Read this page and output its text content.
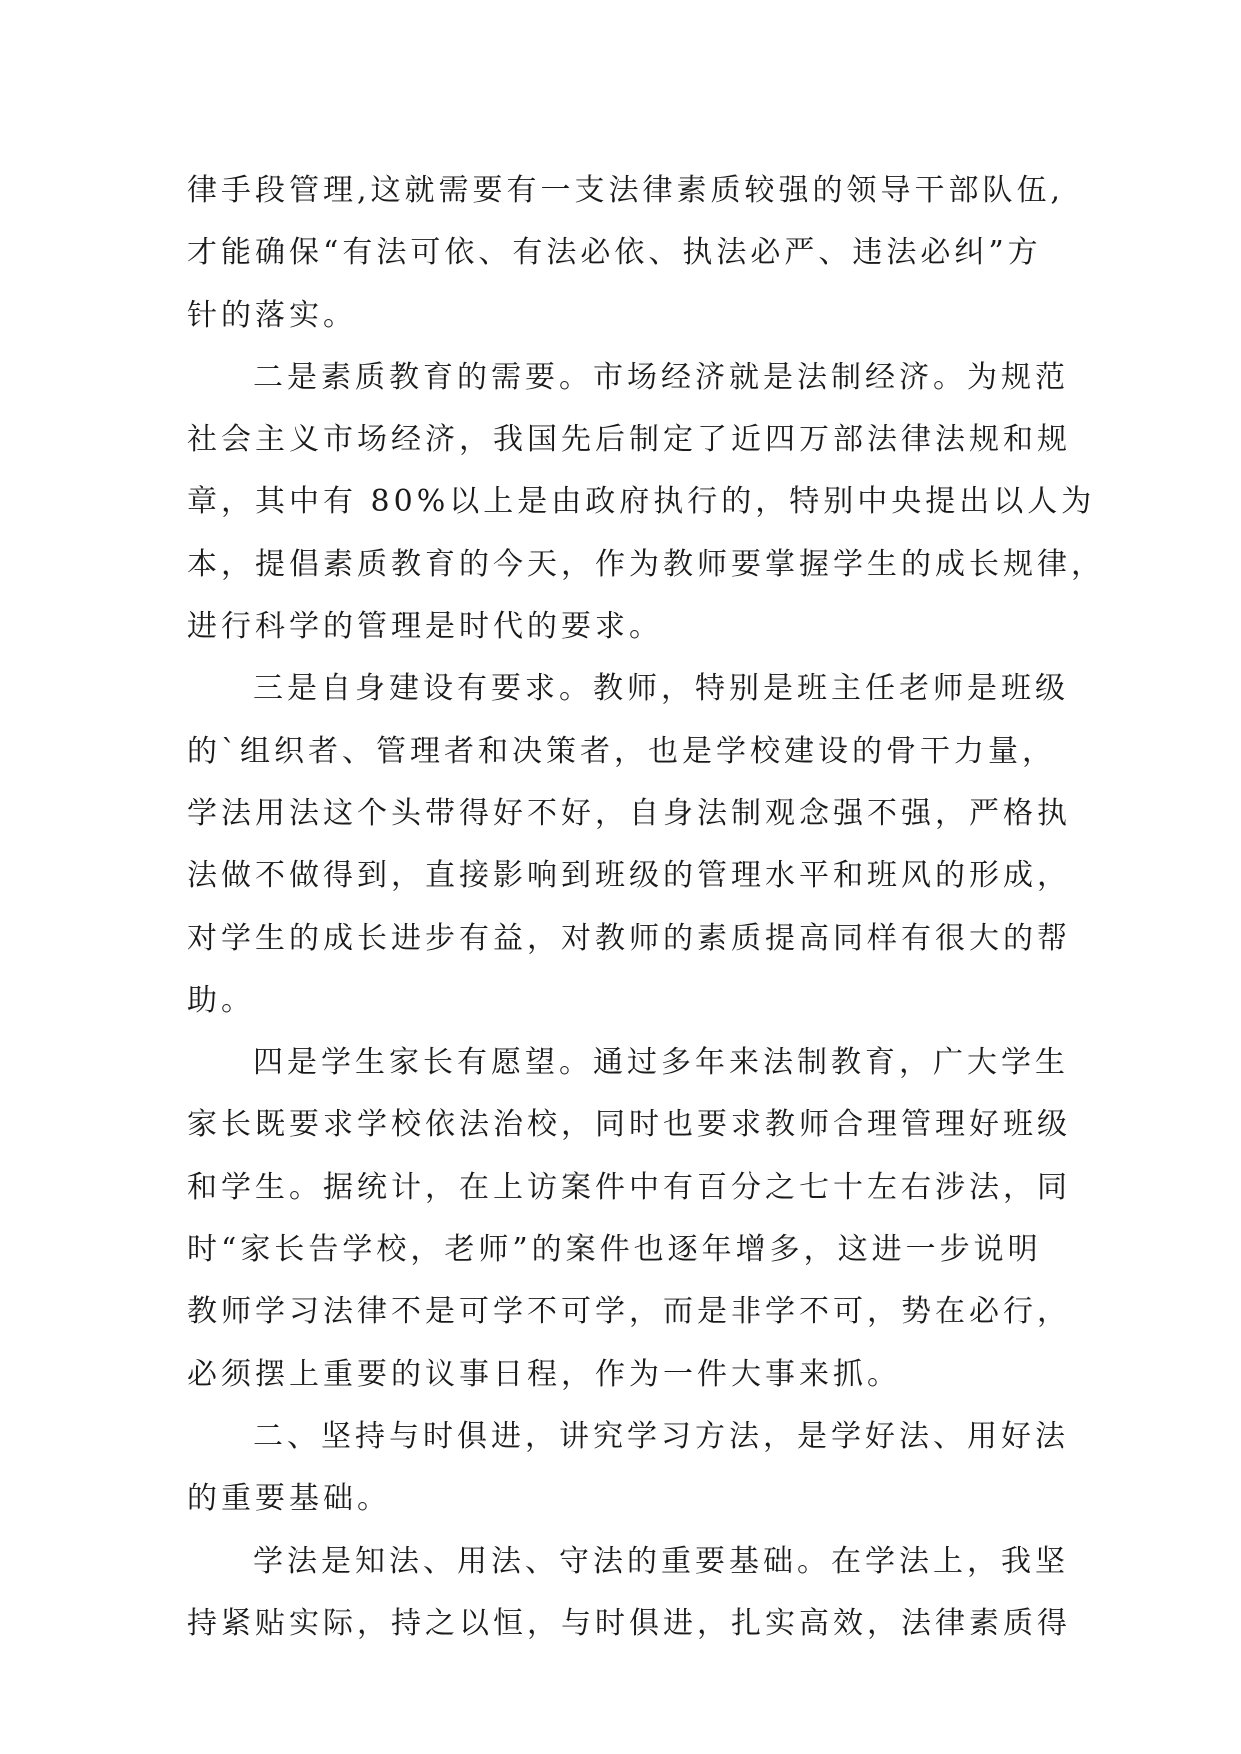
律手段管理,这就需要有一支法律素质较强的领导干部队伍,
才能确保“有法可依、有法必依、执法必严、违法必纠”方
针的落实。
二是素质教育的需要。市场经济就是法制经济。为规范
社会主义市场经济，我国先后制定了近四万部法律法规和规
章，其中有 80%以上是由政府执行的，特别中央提出以人为
本，提倡素质教育的今天，作为教师要掌握学生的成长规律，
进行科学的管理是时代的要求。
三是自身建设有要求。教师，特别是班主任老师是班级
的`组织者、管理者和决策者，也是学校建设的骨干力量，
学法用法这个头带得好不好，自身法制观念强不强，严格执
法做不做得到，直接影响到班级的管理水平和班风的形成，
对学生的成长进步有益，对教师的素质提高同样有很大的帮
助。
四是学生家长有愿望。通过多年来法制教育，广大学生
家长既要求学校依法治校，同时也要求教师合理管理好班级
和学生。据统计，在上访案件中有百分之七十左右涉法，同
时“家长告学校，老师”的案件也逐年增多，这进一步说明
教师学习法律不是可学不可学，而是非学不可，势在必行，
必须摆上重要的议事日程，作为一件大事来抓。
二、坚持与时俱进，讲究学习方法，是学好法、用好法
的重要基础。
学法是知法、用法、守法的重要基础。在学法上，我坚
持紧贴实际，持之以恒，与时俱进，扎实高效，法律素质得
